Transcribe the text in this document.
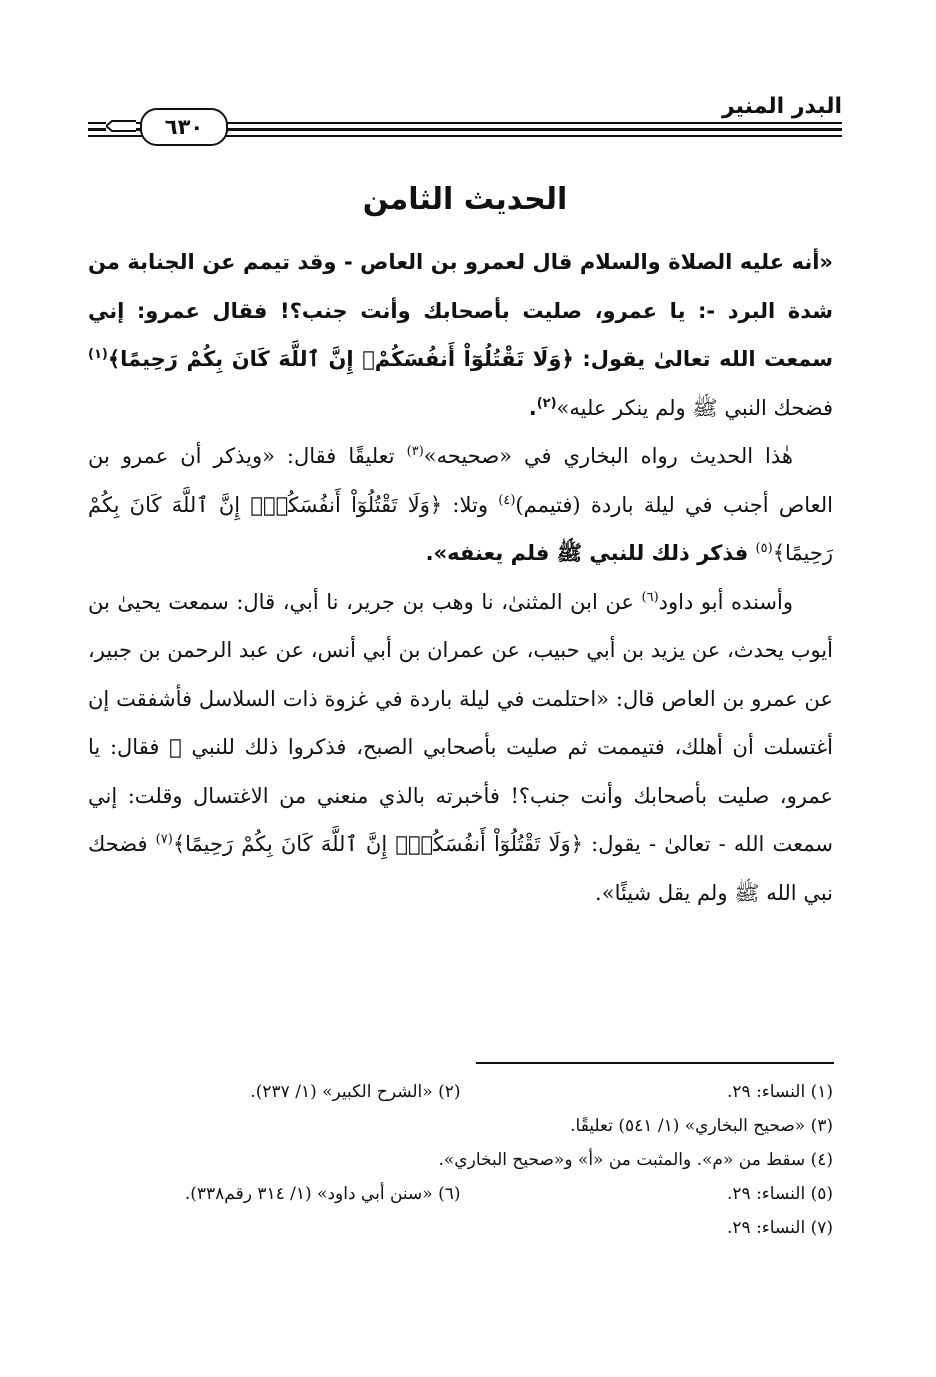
البدر المنير
٦٣٠
الحديث الثامن

«أنه عليه الصلاة والسلام قال لعمرو بن العاص - وقد تيمم عن الجنابة من شدة البرد -: يا عمرو، صليت بأصحابك وأنت جنب؟! فقال عمرو: إني سمعت الله تعالىٰ يقول: ﴿وَلَا تَقْتُلُوٓاْ أَنفُسَكُمْۚ إِنَّ ٱللَّهَ كَانَ بِكُمْ رَحِيمًا﴾$^{(١)}$ فضحك النبي ﷺ ولم ينكر عليه»$^{(٢)}$.

هٰذا الحديث رواه البخاري في «صحيحه»$^{(٣)}$ تعليقًا فقال: «ويذكر أن عمرو بن العاص أجنب في ليلة باردة (فتيمم)$^{(٤)}$ وتلا: ﴿وَلَا تَقْتُلُوٓاْ أَنفُسَكُمْۚ إِنَّ ٱللَّهَ كَانَ بِكُمْ رَحِيمًا﴾$^{(٥)}$ فذكر ذلك للنبي ﷺ فلم يعنفه».

وأسنده أبو داود$^{(٦)}$ عن ابن المثنىٰ، نا وهب بن جرير، نا أبي، قال: سمعت يحيىٰ بن أيوب يحدث، عن يزيد بن أبي حبيب، عن عمران بن أبي أنس، عن عبد الرحمن بن جبير، عن عمرو بن العاص قال: «احتلمت في ليلة باردة في غزوة ذات السلاسل فأشفقت إن أغتسلت أن أهلك، فتيممت ثم صليت بأصحابي الصبح، فذكروا ذلك للنبي ﷺ فقال: يا عمرو، صليت بأصحابك وأنت جنب؟! فأخبرته بالذي منعني من الاغتسال وقلت: إني سمعت الله - تعالىٰ - يقول: ﴿وَلَا تَقْتُلُوٓاْ أَنفُسَكُمْۚ إِنَّ ٱللَّهَ كَانَ بِكُمْ رَحِيمًا﴾$^{(٧)}$ فضحك نبي الله ﷺ ولم يقل شيئًا».

(١) النساء: ٢٩.
(٢) «الشرح الكبير» (١/ ٢٣٧).
(٣) «صحيح البخاري» (١/ ٥٤١) تعليقًا.
(٤) سقط من «م». والمثبت من «أ» و«صحيح البخاري».
(٥) النساء: ٢٩.
(٦) «سنن أبي داود» (١/ ٣١٤ رقم٣٣٨).
(٧) النساء: ٢٩.
